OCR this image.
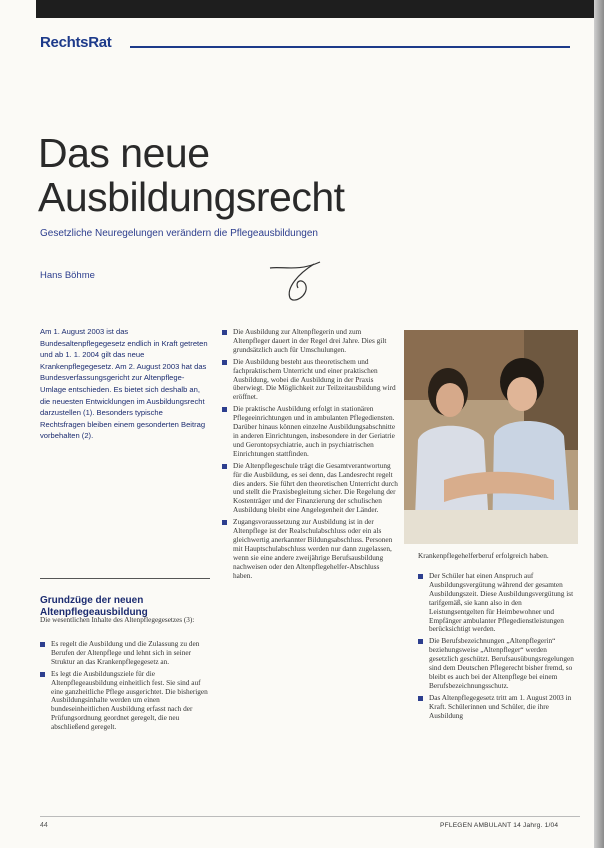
RechtsRat
Das neue
Ausbildungsrecht
Gesetzliche Neuregelungen verändern die Pflegeausbildungen
Hans Böhme

Am 1. August 2003 ist das Bundesaltenpflegegesetz endlich in Kraft getreten und ab 1. 1. 2004 gilt das neue Krankenpflegegesetz. Am 2. August 2003 hat das Bundesverfassungsgericht zur Altenpflege-Umlage entschieden. Es bietet sich deshalb an, die neuesten Entwicklungen im Ausbildungsrecht darzustellen (1). Besonders typische Rechtsfragen bleiben einem gesonderten Beitrag vorbehalten (2).

Grundzüge der neuen
Altenpflegeausbildung
Die wesentlichen Inhalte des Altenpflegegesetzes (3):
Es regelt die Ausbildung und die Zulassung zu den Berufen der Altenpflege und lehnt sich in seiner Struktur an das Krankenpflegegesetz an.
Es legt die Ausbildungsziele für die Altenpflegeausbildung einheitlich fest. Sie sind auf eine ganzheitliche Pflege ausgerichtet. Die bisherigen Ausbildungsinhalte werden um einen bundeseinheitlichen Ausbildung erfasst nach der Prüfungsordnung geordnet geregelt, die neu abschließend geregelt.
Die Ausbildung zur Altenpflegerin und zum Altenpfleger dauert in der Regel drei Jahre. Dies gilt grundsätzlich auch für Umschulungen.
Die Ausbildung besteht aus theoretischem und fachpraktischem Unterricht und einer praktischen Ausbildung, wobei die Ausbildung in der Praxis überwiegt. Die Möglichkeit zur Teilzeitausbildung wird eröffnet.
Die praktische Ausbildung erfolgt in stationären Pflegeeinrichtungen und in ambulanten Pflegediensten. Darüber hinaus können einzelne Ausbildungsabschnitte in anderen Einrichtungen, insbesondere in der Geriatrie und Gerontopsychiatrie, auch in psychiatrischen Einrichtungen stattfinden.
Die Altenpflegeschule trägt die Gesamtverantwortung für die Ausbildung, es sei denn, das Landesrecht regelt dies anders. Sie führt den theoretischen Unterricht durch und stellt die Praxisbegleitung sicher. Die Regelung der Kostenträger und der Finanzierung der schulischen Ausbildung bleibt eine Angelegenheit der Länder.
Zugangsvoraussetzung zur Ausbildung ist in der Altenpflege ist der Realschulabschluss oder ein als gleichwertig anerkannter Bildungsabschluss. Personen mit Hauptschulabschluss werden nur dann zugelassen, wenn sie eine andere zweijährige Berufsausbildung nachweisen oder den Altenpflegehelfer-Abschluss haben.
Krankenpflegehelferberuf erfolgreich haben.
Der Schüler hat einen Anspruch auf Ausbildungsvergütung während der gesamten Ausbildungszeit. Diese Ausbildungsvergütung ist tarifgemäß, sie kann also in den Leistungsentgelten für Heimbewohner und Empfänger ambulanter Pflegedienstleistungen berücksichtigt werden.
Die Berufsbezeichnungen „Altenpflegerin“ beziehungsweise „Altenpfleger“ werden gesetzlich geschützt. Berufsausübungsregelungen sind dem Deutschen Pflegerecht bisher fremd, so bleibt es auch bei der Altenpflege bei einem Berufsbezeichnungsschutz.
Das Altenpflegegesetz tritt am 1. August 2003 in Kraft. Schülerinnen und Schüler, die ihre Ausbildung
44	PFLEGEN AMBULANT 14 Jahrg. 1/04
